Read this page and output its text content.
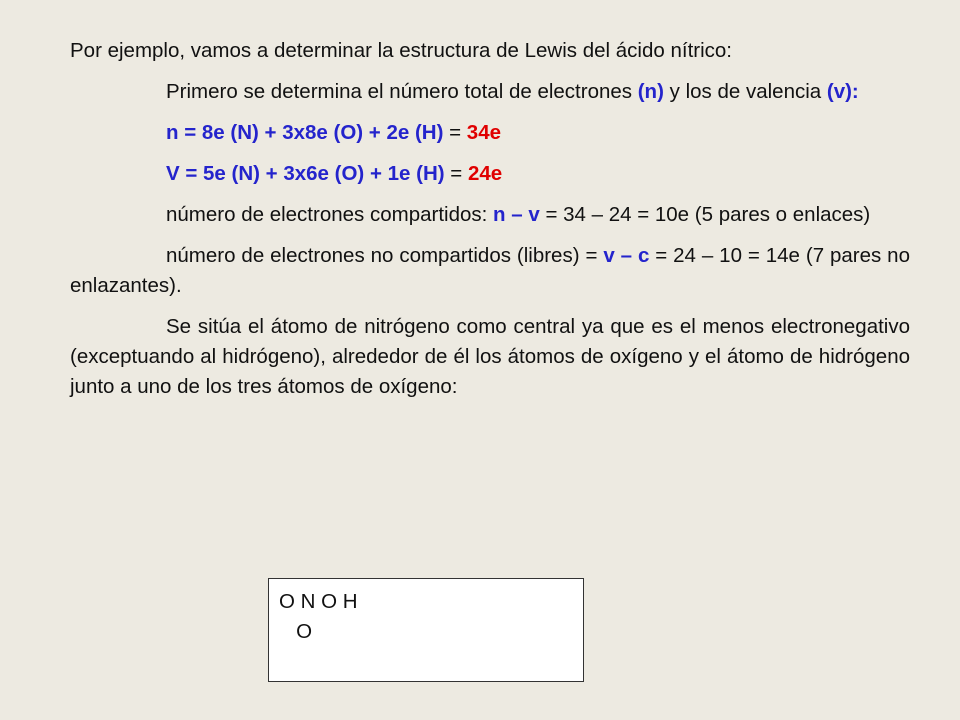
Por ejemplo, vamos a determinar la estructura de Lewis del ácido nítrico:

Primero se determina el número total de electrones (n) y los de valencia (v):

n = 8e (N) + 3x8e (O) + 2e (H) = 34e

V = 5e (N) + 3x6e (O) + 1e (H) = 24e

número de electrones compartidos: n – v = 34 – 24 = 10e (5 pares o enlaces)

número de electrones no compartidos (libres) = v – c = 24 – 10 = 14e (7 pares no enlazantes).

Se sitúa el átomo de nitrógeno como central ya que es el menos electronegativo (exceptuando al hidrógeno), alrededor de él los átomos de oxígeno y el átomo de hidrógeno junto a uno de los tres átomos de oxígeno:

O N O H
O
